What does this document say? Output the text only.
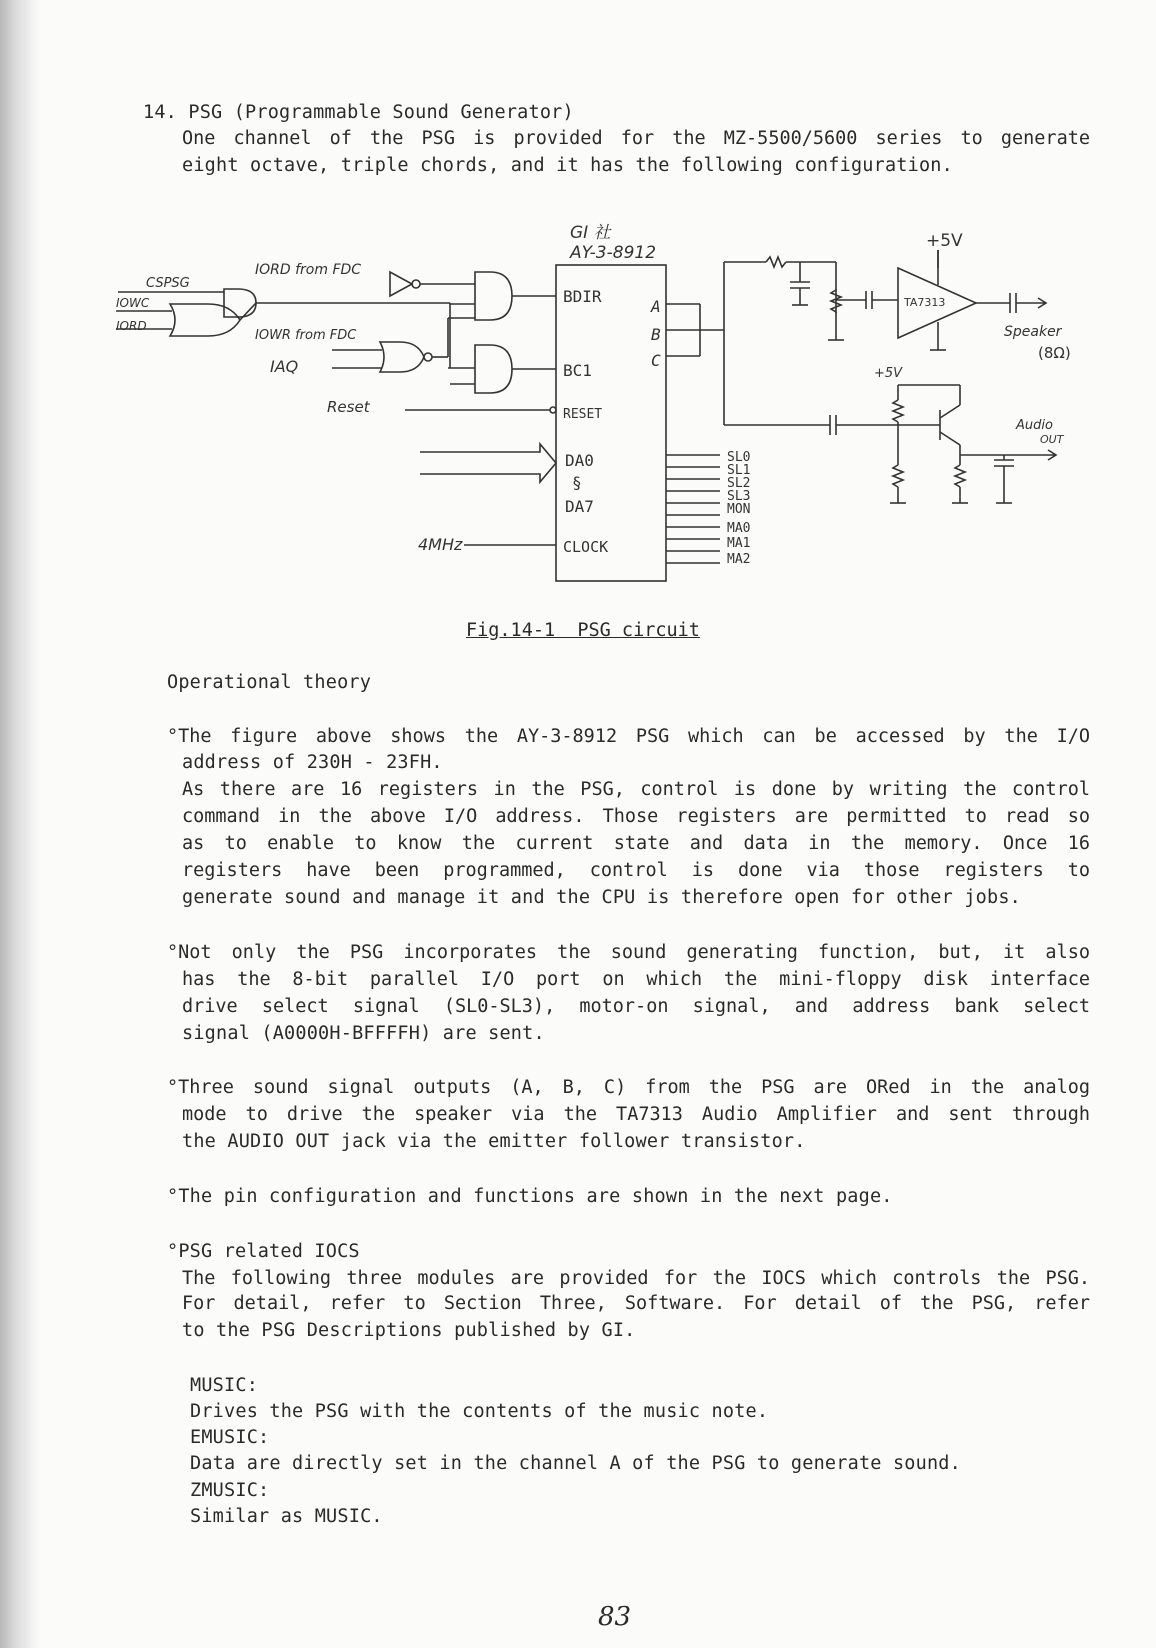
14. PSG (Programmable Sound Generator)
One channel of the PSG is provided for the MZ-5500/5600 series to generate
eight octave, triple chords, and it has the following configuration.
BDIR
BC1
RESET
DA0
§
DA7
CLOCK
A
B
C
SL0
SL1
SL2
SL3
MON
MA0
MA1
MA2
GI 社
AY-3-8912
CSPSG
IOWC
IORD
IORD from FDC
IOWR from FDC
IAQ
Reset
4MHz
TA7313
+5V
+5V
Speaker
(8Ω)
Audio
OUT
Fig.14-1  PSG circuit
Operational theory
°The figure above shows the AY-3-8912 PSG which can be accessed by the I/O
address of 230H - 23FH.
As there are 16 registers in the PSG, control is done by writing the control
command in the above I/O address. Those registers are permitted to read so
as to enable to know the current state and data in the memory. Once 16
registers have been programmed, control is done via those registers to
generate sound and manage it and the CPU is therefore open for other jobs.
°Not only the PSG incorporates the sound generating function, but, it also
has the 8-bit parallel I/O port on which the mini-floppy disk interface
drive select signal (SL0-SL3), motor-on signal, and address bank select
signal (A0000H-BFFFFH) are sent.
°Three sound signal outputs (A, B, C) from the PSG are ORed in the analog
mode to drive the speaker via the TA7313 Audio Amplifier and sent through
the AUDIO OUT jack via the emitter follower transistor.
°The pin configuration and functions are shown in the next page.
°PSG related IOCS
The following three modules are provided for the IOCS which controls the PSG.
For detail, refer to Section Three, Software. For detail of the PSG, refer
to the PSG Descriptions published by GI.
MUSIC:
Drives the PSG with the contents of the music note.
EMUSIC:
Data are directly set in the channel A of the PSG to generate sound.
ZMUSIC:
Similar as MUSIC.
83
